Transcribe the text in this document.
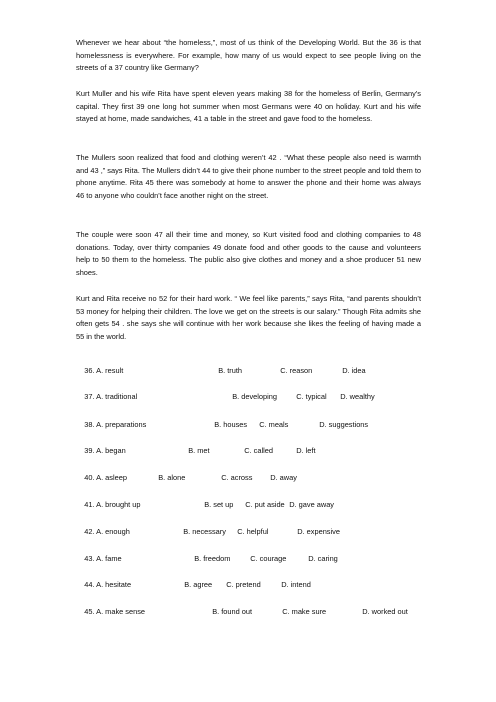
Whenever we hear about “the homeless,”, most of us think of the Developing World. But the 36 is that homelessness is everywhere. For example, how many of us would expect to see people living on the streets of a 37 country like Germany?

Kurt Muller and his wife Rita have spent eleven years making 38 for the homeless of Berlin, Germany’s capital. They first 39 one long hot summer when most Germans were 40 on holiday. Kurt and his wife stayed at home, made sandwiches, 41 a table in the street and gave food to the homeless.

The Mullers soon realized that food and clothing weren’t 42 . “What these people also need is warmth and 43 ,” says Rita. The Mullers didn’t 44 to give their phone number to the street people and told them to phone anytime. Rita 45 there was somebody at home to answer the phone and their home was always 46 to anyone who couldn’t face another night on the street.

The couple were soon 47 all their time and money, so Kurt visited food and clothing companies to 48 donations. Today, over thirty companies 49 donate food and other goods to the cause and volunteers help to 50 them to the homeless. The public also give clothes and money and a shoe producer 51 new shoes.

Kurt and Rita receive no 52 for their hard work. “ We feel like parents,” says Rita, “and parents shouldn’t 53 money for helping their children. The love we get on the streets is our salary.” Though Rita admits she often gets 54 . she says she will continue with her work because she likes the feeling of having made a 55 in the world.

36. A. result	B. truth	C. reason	D. idea

37. A. traditional	B. developing	C. typical D. wealthy

38. A. preparations	B. houses C. meals	D. suggestions

39. A. began	B. met	C. called	D. left

40. A. asleep	B. alone	C. across D. away

41. A. brought up	B. set up C. put aside D. gave away

42. A. enough	B. necessary C. helpful	D. expensive

43. A. fame	B. freedom	C. courage	D. caring

44. A. hesitate	B. agree C. pretend	D. intend

45. A. make sense	B. found out	C. make sure	D. worked out
